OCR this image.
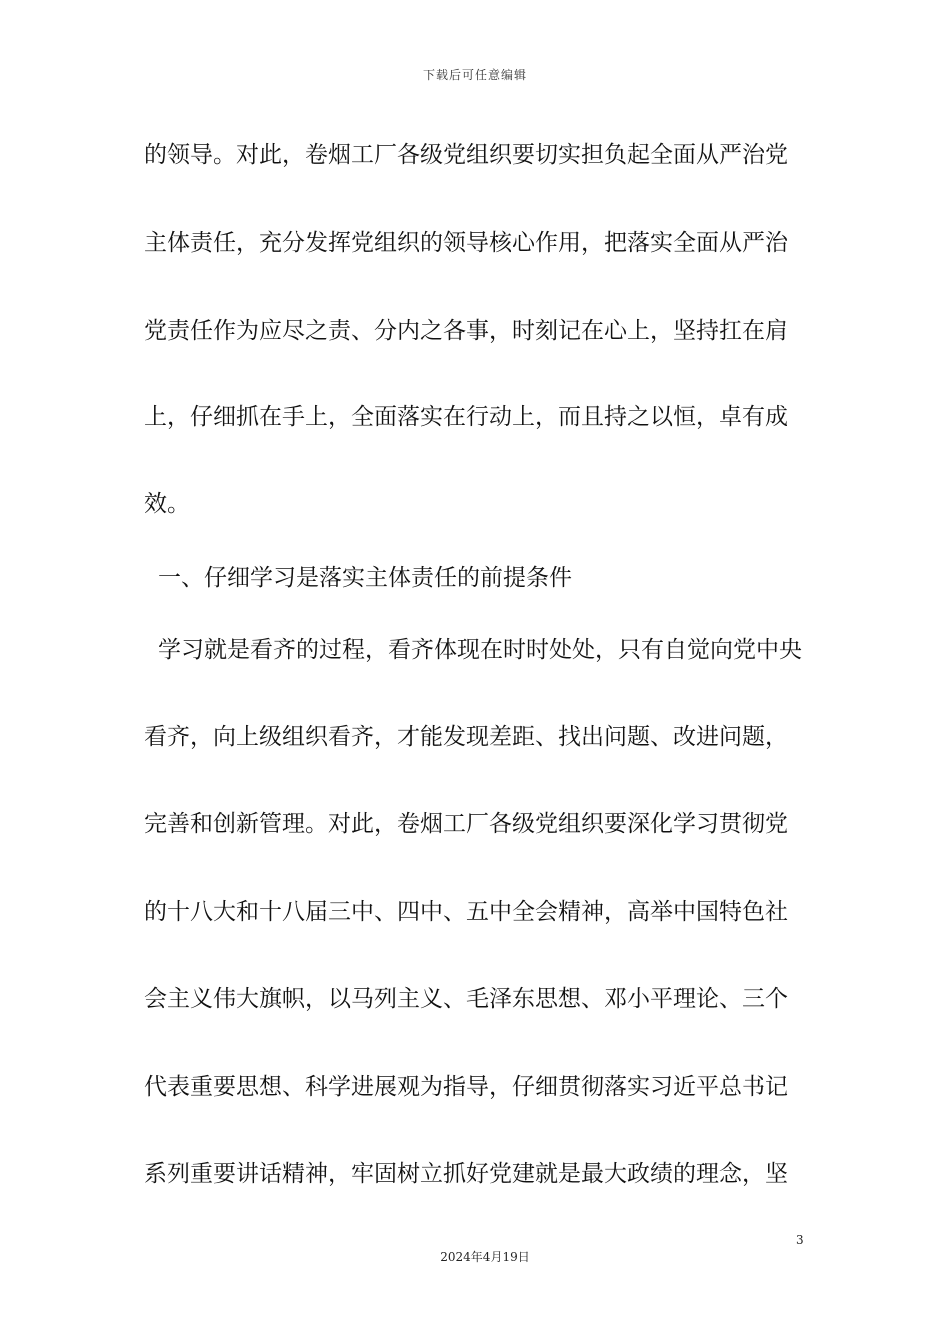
下载后可任意编辑
的领导。对此，卷烟工厂各级党组织要切实担负起全面从严治党
主体责任，充分发挥党组织的领导核心作用，把落实全面从严治
党责任作为应尽之责、分内之各事，时刻记在心上，坚持扛在肩
上，仔细抓在手上，全面落实在行动上，而且持之以恒，卓有成
效。
一、仔细学习是落实主体责任的前提条件
学习就是看齐的过程，看齐体现在时时处处，只有自觉向党中央
看齐，向上级组织看齐，才能发现差距、找出问题、改进问题，
完善和创新管理。对此，卷烟工厂各级党组织要深化学习贯彻党
的十八大和十八届三中、四中、五中全会精神，高举中国特色社
会主义伟大旗帜，以马列主义、毛泽东思想、邓小平理论、三个
代表重要思想、科学进展观为指导，仔细贯彻落实习近平总书记
系列重要讲话精神，牢固树立抓好党建就是最大政绩的理念，坚
3
2024年4月19日
